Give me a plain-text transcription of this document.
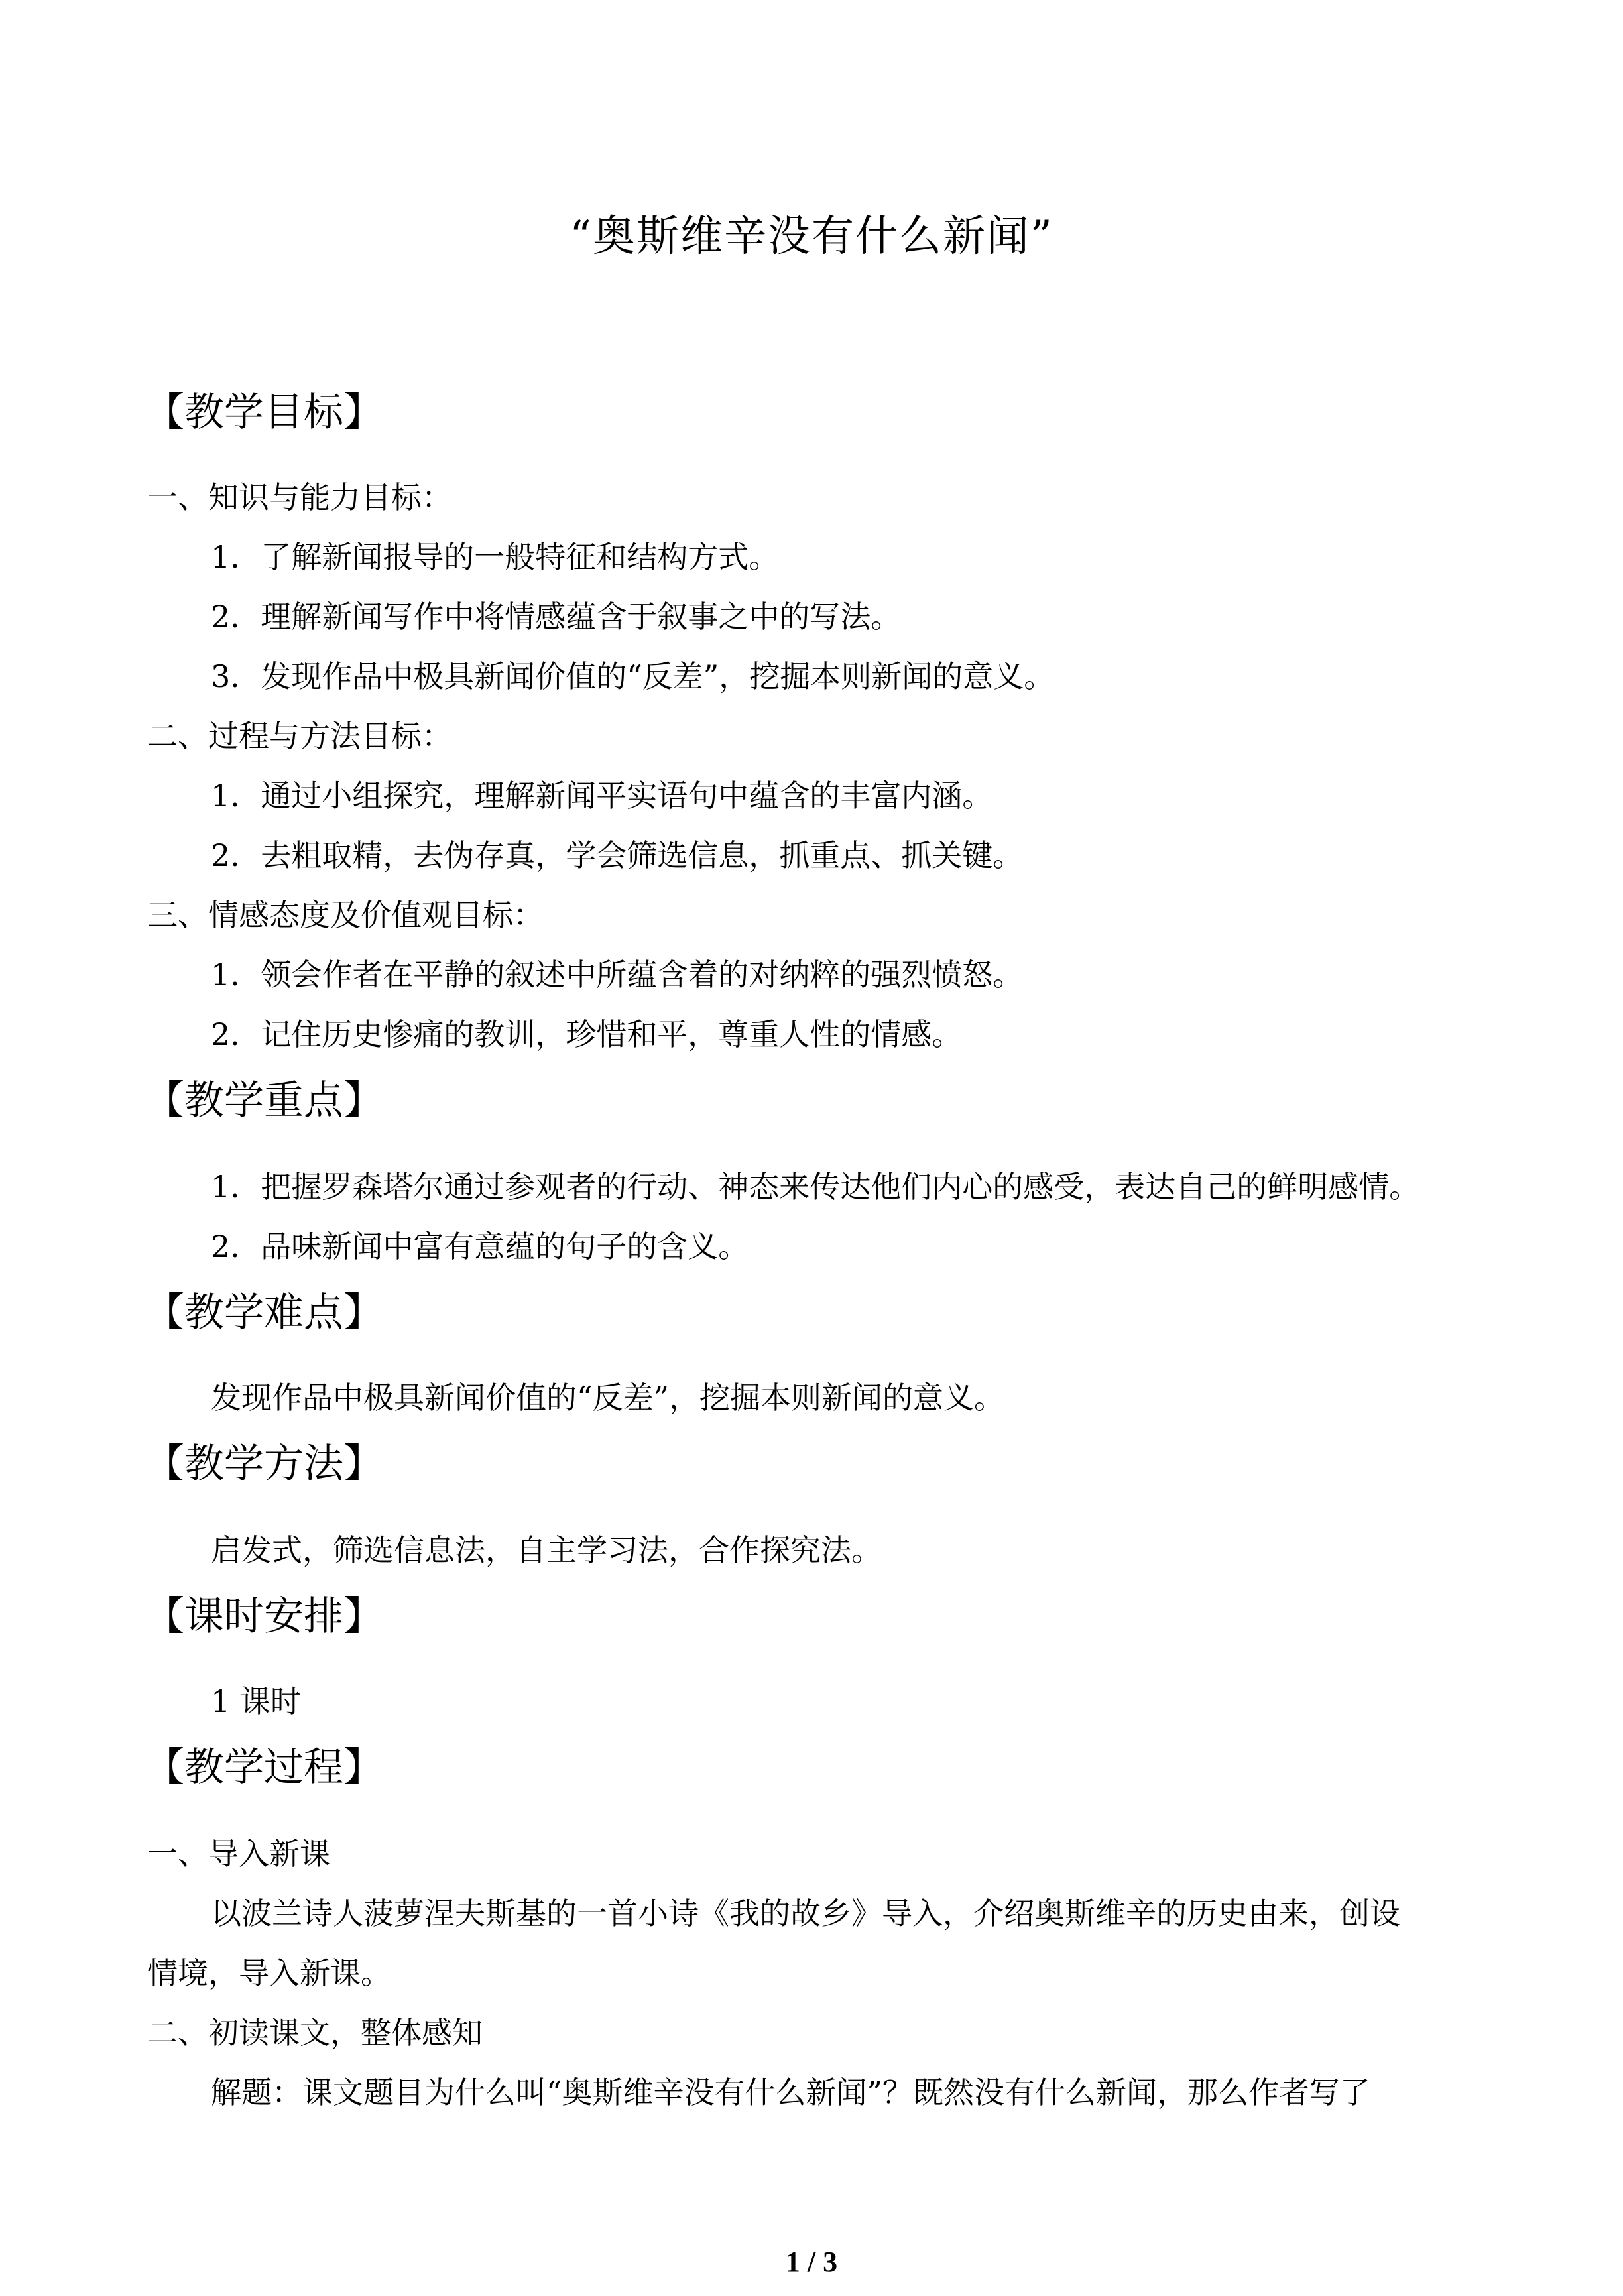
“奥斯维辛没有什么新闻”
【教学目标】
一、知识与能力目标：
1．了解新闻报导的一般特征和结构方式。
2．理解新闻写作中将情感蕴含于叙事之中的写法。
3．发现作品中极具新闻价值的“反差”，挖掘本则新闻的意义。
二、过程与方法目标：
1．通过小组探究，理解新闻平实语句中蕴含的丰富内涵。
2．去粗取精，去伪存真，学会筛选信息，抓重点、抓关键。
三、情感态度及价值观目标：
1．领会作者在平静的叙述中所蕴含着的对纳粹的强烈愤怒。
2．记住历史惨痛的教训，珍惜和平，尊重人性的情感。
【教学重点】
1．把握罗森塔尔通过参观者的行动、神态来传达他们内心的感受，表达自己的鲜明感情。
2．品味新闻中富有意蕴的句子的含义。
【教学难点】
发现作品中极具新闻价值的“反差”，挖掘本则新闻的意义。
【教学方法】
启发式，筛选信息法，自主学习法，合作探究法。
【课时安排】
1 课时
【教学过程】
一、导入新课
以波兰诗人菠萝涅夫斯基的一首小诗《我的故乡》导入，介绍奥斯维辛的历史由来，创设
情境，导入新课。
二、初读课文，整体感知
解题：课文题目为什么叫“奥斯维辛没有什么新闻”？既然没有什么新闻，那么作者写了
1 / 3
